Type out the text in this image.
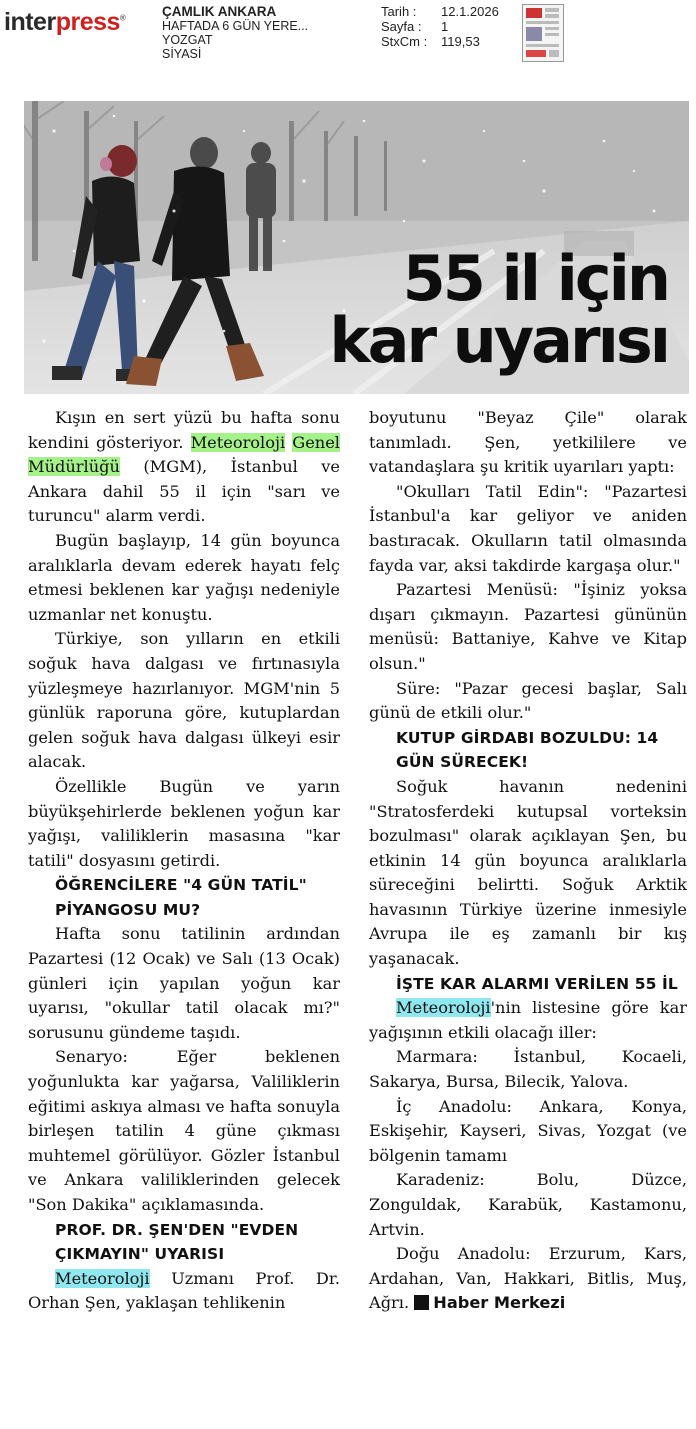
interpress®	ÇAMLIK ANKARA
HAFTADA 6 GÜN YERE...
YOZGAT
SİYASİ
Tarih : 12.1.2026
Sayfa : 1
StxCm : 119,53
55 il için
kar uyarısı

Kışın en sert yüzü bu hafta sonu kendini gösteriyor. Meteoroloji Genel Müdürlüğü (MGM), İstanbul ve Ankara dahil 55 il için "sarı ve turuncu" alarm verdi.

Bugün başlayıp, 14 gün boyunca aralıklarla devam ederek hayatı felç etmesi beklenen kar yağışı nedeniyle uzmanlar net konuştu.

Türkiye, son yılların en etkili soğuk hava dalgası ve fırtınasıyla yüzleşmeye hazırlanıyor. MGM'nin 5 günlük raporuna göre, kutuplardan gelen soğuk hava dalgası ülkeyi esir alacak.

Özellikle Bugün ve yarın büyükşehirlerde beklenen yoğun kar yağışı, valiliklerin masasına "kar tatili" dosyasını getirdi.

ÖĞRENCİLERE "4 GÜN TATİL" PİYANGOSU MU?

Hafta sonu tatilinin ardından Pazartesi (12 Ocak) ve Salı (13 Ocak) günleri için yapılan yoğun kar uyarısı, "okullar tatil olacak mı?" sorusunu gündeme taşıdı.

Senaryo: Eğer beklenen yoğunlukta kar yağarsa, Valiliklerin eğitimi askıya alması ve hafta sonuyla birleşen tatilin 4 güne çıkması muhtemel görülüyor. Gözler İstanbul ve Ankara valiliklerinden gelecek "Son Dakika" açıklamasında.

PROF. DR. ŞEN'DEN "EVDEN ÇIKMAYIN" UYARISI

Meteoroloji Uzmanı Prof. Dr. Orhan Şen, yaklaşan tehlikenin

boyutunu "Beyaz Çile" olarak tanımladı. Şen, yetkililere ve vatandaşlara şu kritik uyarıları yaptı:

"Okulları Tatil Edin": "Pazartesi İstanbul'a kar geliyor ve aniden bastıracak. Okulların tatil olmasında fayda var, aksi takdirde kargaşa olur."

Pazartesi Menüsü: "İşiniz yoksa dışarı çıkmayın. Pazartesi gününün menüsü: Battaniye, Kahve ve Kitap olsun."

Süre: "Pazar gecesi başlar, Salı günü de etkili olur."

KUTUP GİRDABI BOZULDU: 14 GÜN SÜRECEK!

Soğuk havanın nedenini "Stratosferdeki kutupsal vorteksin bozulması" olarak açıklayan Şen, bu etkinin 14 gün boyunca aralıklarla süreceğini belirtti. Soğuk Arktik havasının Türkiye üzerine inmesiyle Avrupa ile eş zamanlı bir kış yaşanacak.

İŞTE KAR ALARMI VERİLEN 55 İL

Meteoroloji'nin listesine göre kar yağışının etkili olacağı iller:

Marmara: İstanbul, Kocaeli, Sakarya, Bursa, Bilecik, Yalova.

İç Anadolu: Ankara, Konya, Eskişehir, Kayseri, Sivas, Yozgat (ve bölgenin tamamı

Karadeniz: Bolu, Düzce, Zonguldak, Karabük, Kastamonu, Artvin.

Doğu Anadolu: Erzurum, Kars, Ardahan, Van, Hakkari, Bitlis, Muş, Ağrı. Haber Merkezi
